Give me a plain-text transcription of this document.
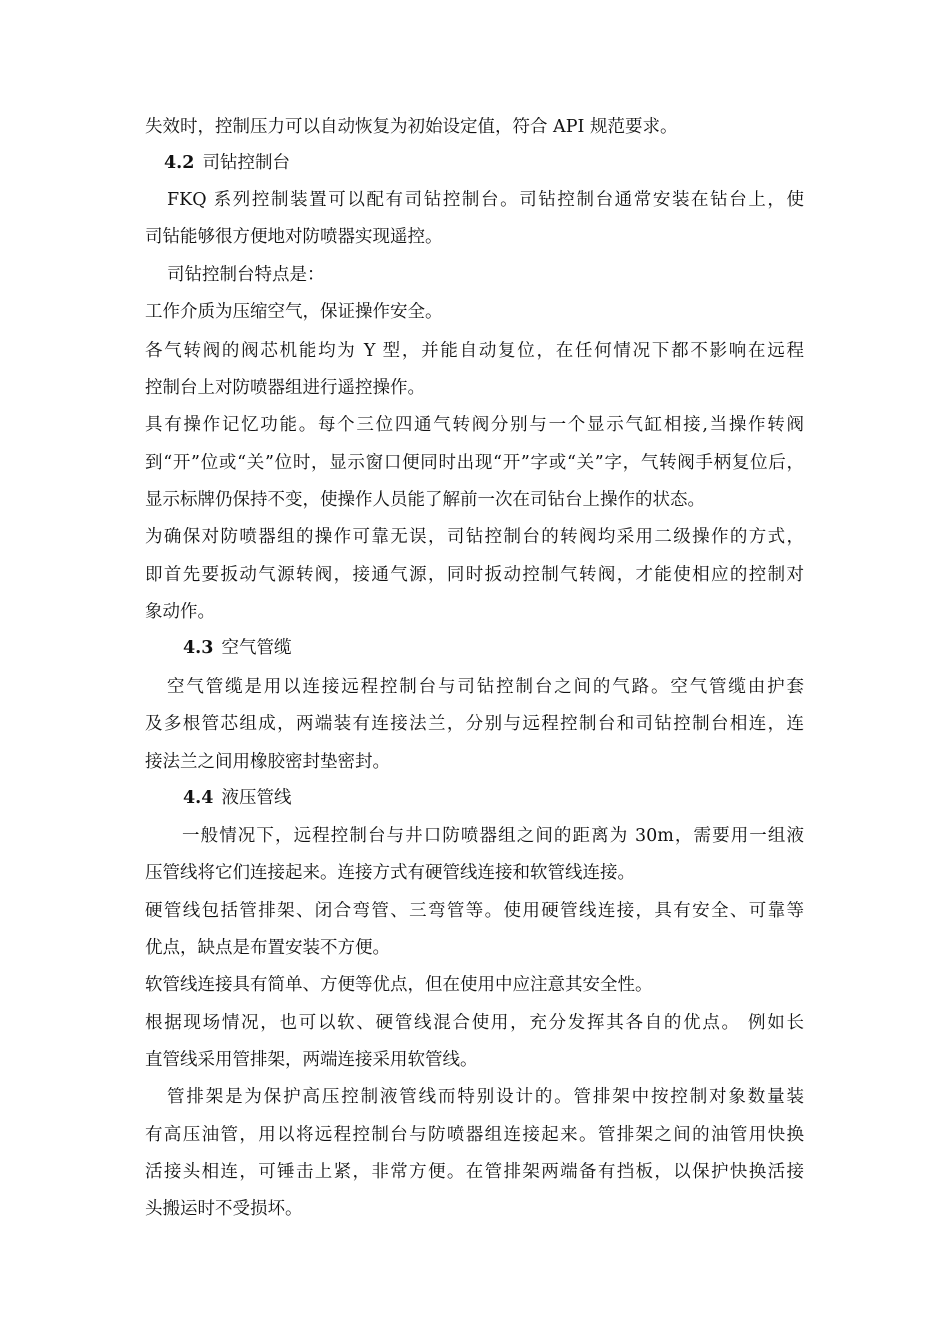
失效时，控制压力可以自动恢复为初始设定值，符合 API 规范要求。
4.2 司钻控制台
FKQ 系列控制装置可以配有司钻控制台。司钻控制台通常安装在钻台上，使
司钻能够很方便地对防喷器实现遥控。
司钻控制台特点是：
工作介质为压缩空气，保证操作安全。
各气转阀的阀芯机能均为 Y 型，并能自动复位，在任何情况下都不影响在远程
控制台上对防喷器组进行遥控操作。
具有操作记忆功能。每个三位四通气转阀分别与一个显示气缸相接,当操作转阀
到“开”位或“关”位时，显示窗口便同时出现“开”字或“关”字，气转阀手柄复位后，
显示标牌仍保持不变，使操作人员能了解前一次在司钻台上操作的状态。
为确保对防喷器组的操作可靠无误，司钻控制台的转阀均采用二级操作的方式，
即首先要扳动气源转阀，接通气源，同时扳动控制气转阀，才能使相应的控制对
象动作。
4.3 空气管缆
空气管缆是用以连接远程控制台与司钻控制台之间的气路。空气管缆由护套
及多根管芯组成，两端装有连接法兰，分别与远程控制台和司钻控制台相连，连
接法兰之间用橡胶密封垫密封。
4.4 液压管线
一般情况下，远程控制台与井口防喷器组之间的距离为 30m，需要用一组液
压管线将它们连接起来。连接方式有硬管线连接和软管线连接。
硬管线包括管排架、闭合弯管、三弯管等。使用硬管线连接，具有安全、可靠等
优点，缺点是布置安装不方便。
软管线连接具有简单、方便等优点，但在使用中应注意其安全性。
根据现场情况，也可以软、硬管线混合使用，充分发挥其各自的优点。 例如长
直管线采用管排架，两端连接采用软管线。
管排架是为保护高压控制液管线而特别设计的。管排架中按控制对象数量装
有高压油管，用以将远程控制台与防喷器组连接起来。管排架之间的油管用快换
活接头相连，可锤击上紧，非常方便。在管排架两端备有挡板，以保护快换活接
头搬运时不受损坏。
